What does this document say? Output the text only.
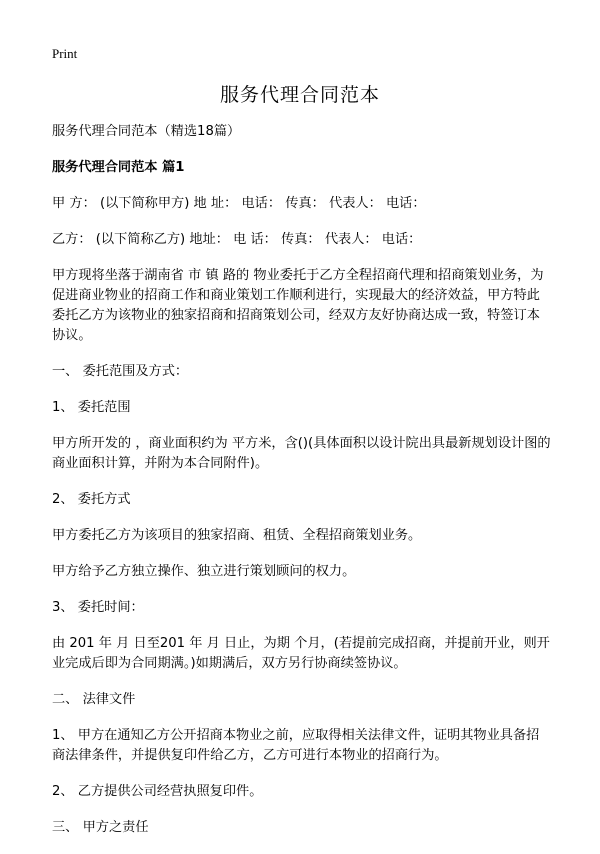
Print
服务代理合同范本

服务代理合同范本（精选18篇）

服务代理合同范本 篇1

甲 方： (以下简称甲方) 地 址： 电话： 传真： 代表人： 电话：

乙方： (以下简称乙方) 地址： 电 话： 传真： 代表人： 电话：

甲方现将坐落于湖南省 市 镇 路的 物业委托于乙方全程招商代理和招商策划业务，为促进商业物业的招商工作和商业策划工作顺利进行，实现最大的经济效益，甲方特此委托乙方为该物业的独家招商和招商策划公司，经双方友好协商达成一致，特签订本协议。

一、 委托范围及方式：

1、 委托范围

甲方所开发的 ，商业面积约为 平方米，含()(具体面积以设计院出具最新规划设计图的商业面积计算，并附为本合同附件)。

2、 委托方式

甲方委托乙方为该项目的独家招商、租赁、全程招商策划业务。

甲方给予乙方独立操作、独立进行策划顾问的权力。

3、 委托时间：

由 201 年 月 日至201 年 月 日止，为期 个月，(若提前完成招商，并提前开业，则开业完成后即为合同期满。)如期满后，双方另行协商续签协议。

二、 法律文件

1、 甲方在通知乙方公开招商本物业之前，应取得相关法律文件，证明其物业具备招商法律条件，并提供复印件给乙方，乙方可进行本物业的招商行为。

2、 乙方提供公司经营执照复印件。

三、 甲方之责任
